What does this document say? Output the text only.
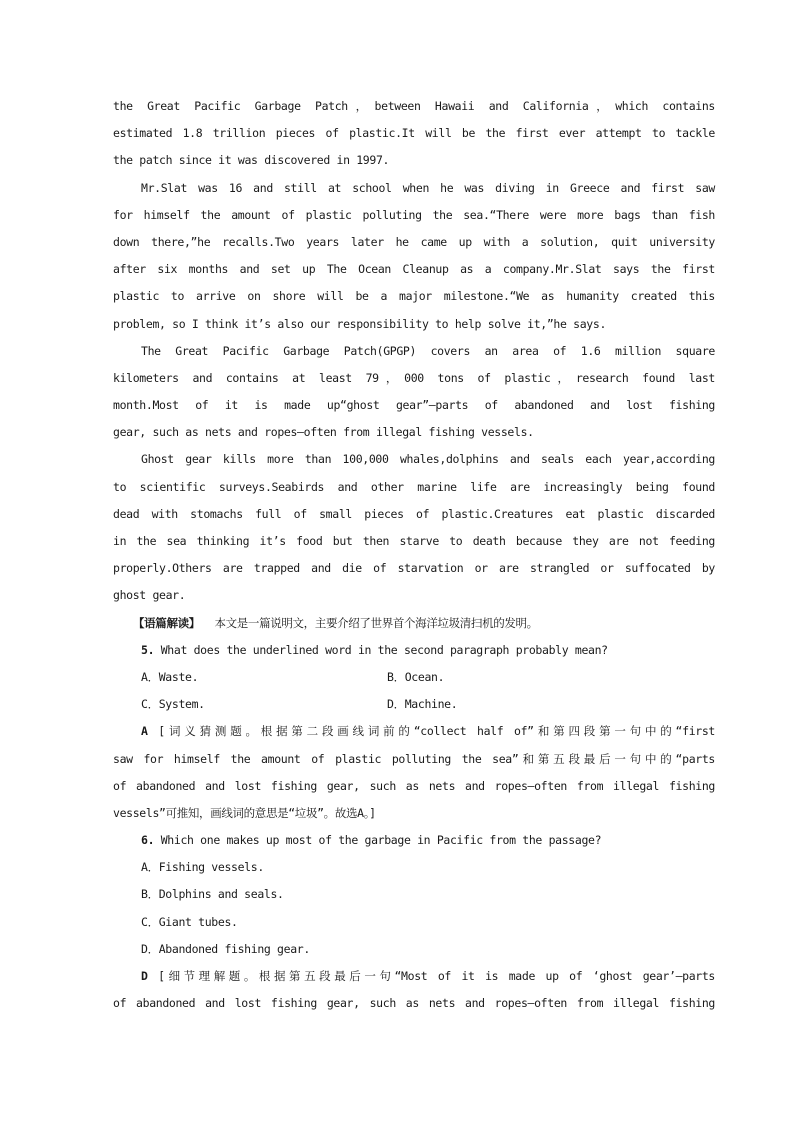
the Great Pacific Garbage Patch，between Hawaii and California，which contains
estimated 1.8 trillion pieces of plastic.It will be the first ever attempt to tackle
the patch since it was discovered in 1997.
Mr.Slat was 16 and still at school when he was diving in Greece and first saw
for himself the amount of plastic polluting the sea.“There were more bags than fish
down there,”he recalls.Two years later he came up with a solution, quit university
after six months and set up The Ocean Cleanup as a company.Mr.Slat says the first
plastic to arrive on shore will be a major milestone.“We as humanity created this
problem, so I think it’s also our responsibility to help solve it,”he says.
The Great Pacific Garbage Patch(GPGP) covers an area of 1.6 million square
kilometers and contains at least 79，000 tons of plastic，research found last
month.Most of it is made up“ghost gear”—parts of abandoned and lost fishing
gear, such as nets and ropes—often from illegal fishing vessels.
Ghost gear kills more than 100,000 whales,dolphins and seals each year,according
to scientific surveys.Seabirds and other marine life are increasingly being found
dead with stomachs full of small pieces of plastic.Creatures eat plastic discarded
in the sea thinking it’s food but then starve to death because they are not feeding
properly.Others are trapped and die of starvation or are strangled or suffocated by
ghost gear.
【语篇解读】 本文是一篇说明文，主要介绍了世界首个海洋垃圾清扫机的发明。
5. What does the underlined word in the second paragraph probably mean?
A．Waste.	B．Ocean.
C．System.	D．Machine.
A [词义猜测题。根据第二段画线词前的“collect half of”和第四段第一句中的“first
saw for himself the amount of plastic polluting the sea”和第五段最后一句中的“parts
of abandoned and lost fishing gear, such as nets and ropes—often from illegal fishing
vessels”可推知，画线词的意思是“垃圾”。故选A。]
6. Which one makes up most of the garbage in Pacific from the passage?
A．Fishing vessels.
B．Dolphins and seals.
C．Giant tubes.
D．Abandoned fishing gear.
D [细节理解题。根据第五段最后一句“Most of it is made up of ‘ghost gear’—parts
of abandoned and lost fishing gear, such as nets and ropes—often from illegal fishing
